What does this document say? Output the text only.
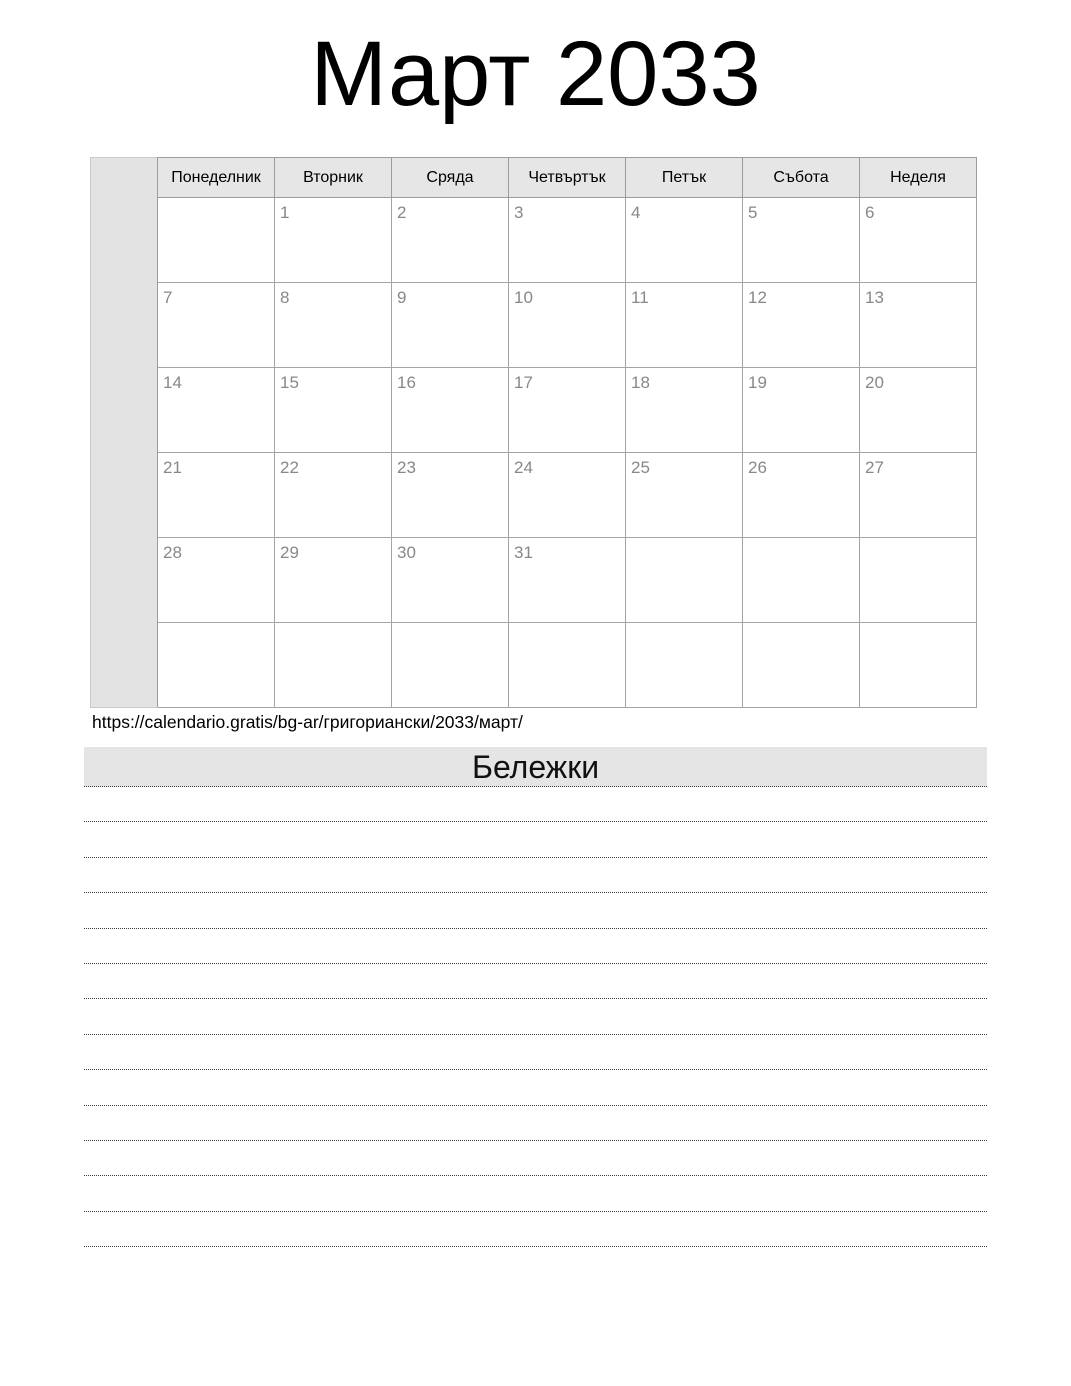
Март 2033
	Понеделник	Вторник	Сряда	Четвъртък	Петък	Събота	Неделя
		1	2	3	4	5	6
	7	8	9	10	11	12	13
	14	15	16	17	18	19	20
	21	22	23	24	25	26	27
	28	29	30	31			

https://calendario.gratis/bg-ar/григориански/2033/март/
Бележки
